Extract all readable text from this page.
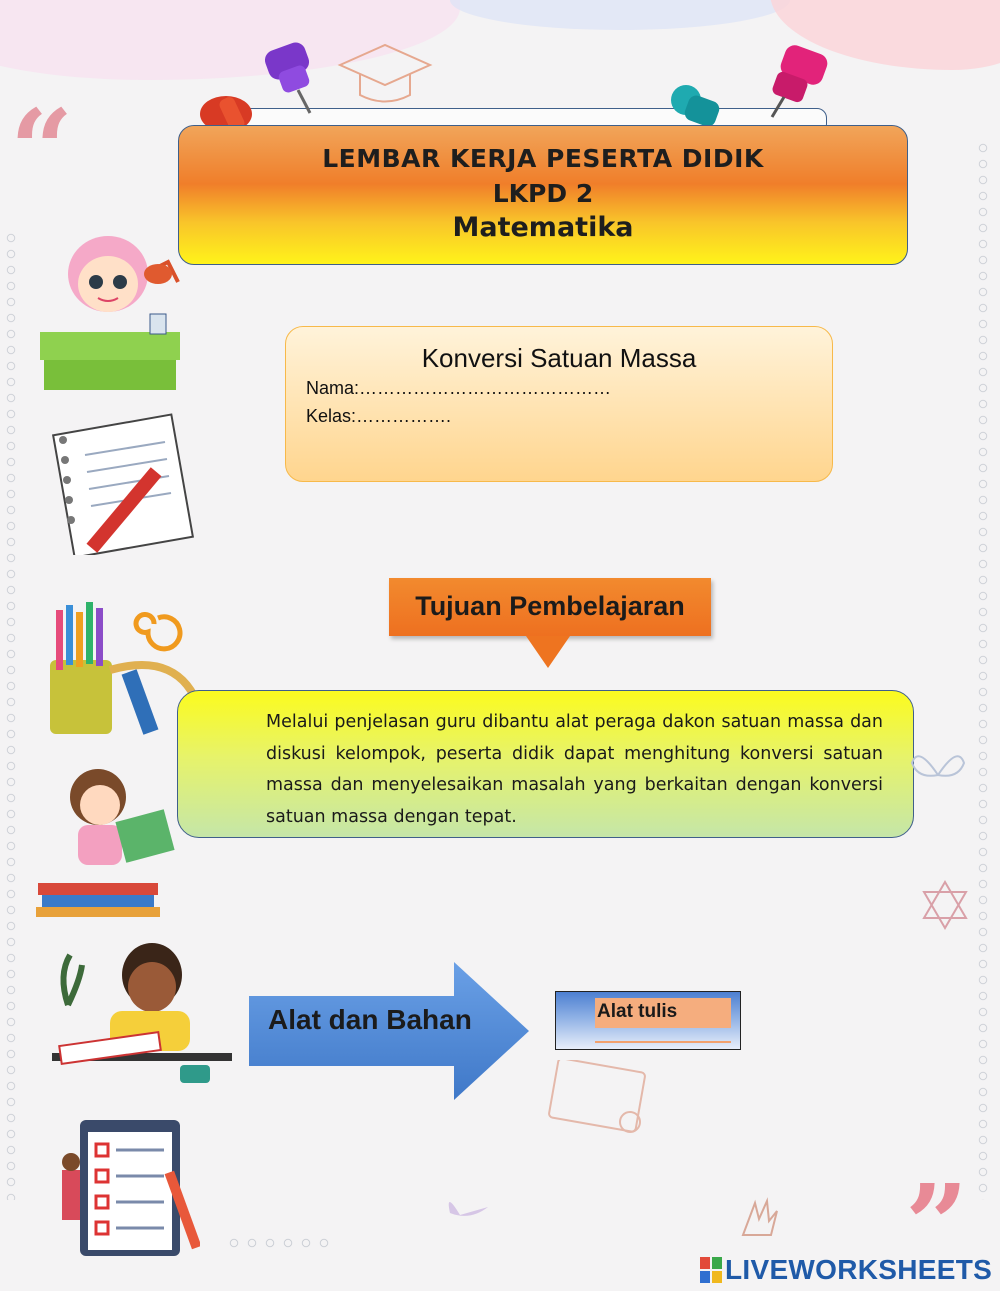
“
”
LEMBAR KERJA PESERTA DIDIK
LKPD 2
Matematika
Konversi Satuan Massa
Nama:……………………………………
Kelas:…………….
Tujuan Pembelajaran
Melalui penjelasan guru dibantu alat peraga dakon satuan massa dan diskusi kelompok, peserta didik dapat menghitung konversi satuan massa dan menyelesaikan masalah yang berkaitan dengan konversi satuan massa dengan tepat.
Alat dan Bahan	Alat tulis
LIVEWORKSHEETS
